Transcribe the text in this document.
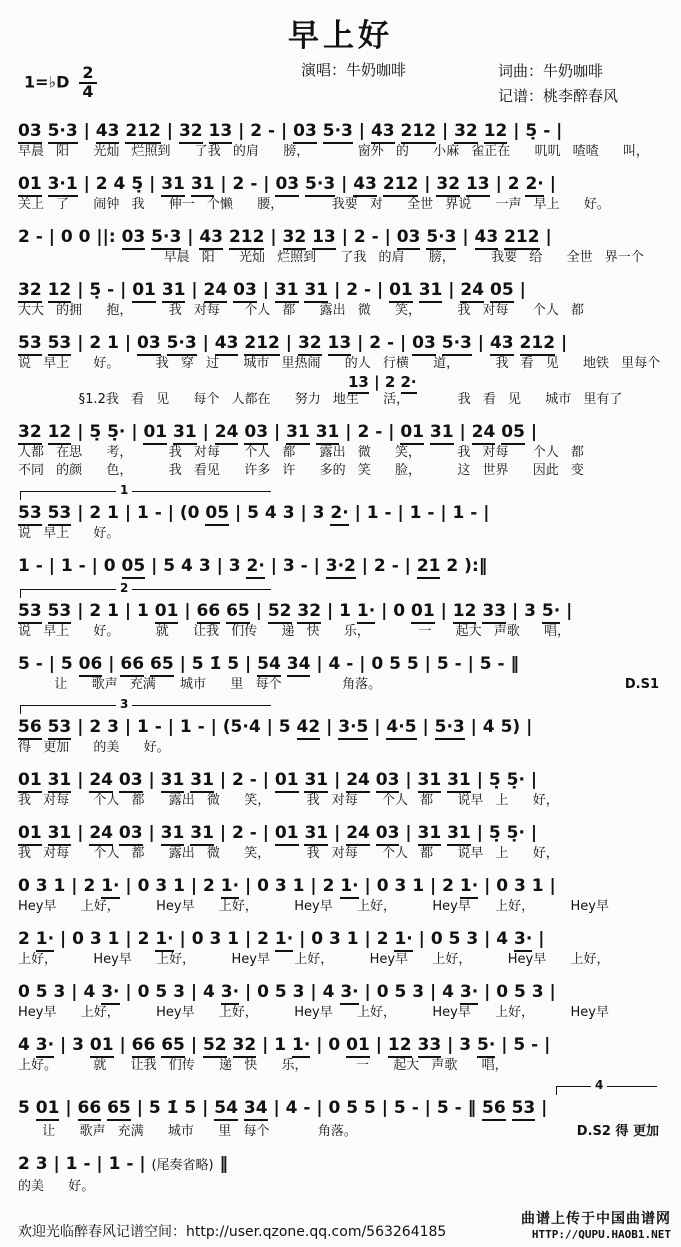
早上好
1=♭D $\frac{2}{4}$	演唱：牛奶咖啡	词曲：牛奶咖啡
记谱：桃李醉春风
03 5·3 | 43 212 | 32 13 | 2 - | 03 5·3 | 43 212 | 32 12 | 5̣ - |
早晨 阳  光灿 烂照到  了我 的肩  膀，    窗外 的  小麻 雀正在  叽叽 喳喳  叫，
01 3·1 | 2 4 5̣ | 31 31 | 2 - | 03 5·3 | 43 212 | 32 13 | 2 2· |
关上 了  闹钟 我  伸一 个懒  腰，    我要 对  全世 界说  一声 早上  好。
2 - | 0 0 ||: 03 5·3 | 43 212 | 32 13 | 2 - | 03 5·3 | 43 212 |
早晨 阳  光灿 烂照到  了我 的肩  膀，   我要 给  全世 界一个
32 12 | 5̣ - | 01 31 | 24 03 | 31 31 | 2 - | 01 31 | 24 05 |
大大 的拥  抱，   我 对每  个人 都  露出 微  笑，   我 对每  个人 都
53 53 | 2 1 | 03 5·3 | 43 212 | 32 13 | 2 - | 03 5·3 | 43 212 |
说 早上  好。   我 穿 过  城市 里热闹  的人 行横  道，   我 看 见  地铁 里每个
13 | 2 2·
§1.2我 看 见  每个 人都在  努力 地生  活，    我 看 见  城市 里有了
32 12 | 5̣ 5̣· | 01 31 | 24 03 | 31 31 | 2 - | 01 31 | 24 05 |
人都 在思  考，   我 对每  个人 都  露出 微  笑，   我 对每  个人 都
不同 的颜  色，   我 看见  许多 许  多的 笑  脸，   这 世界  因此 变
1
53 53 | 2 1 | 1 - | (0 05 | 5 4 3 | 3 2· | 1 - | 1 - | 1 - |
说 早上  好。
1 - | 1 - | 0 05 | 5 4 3 | 3 2· | 3 - | 3·2 | 2 - | 21 2 ):‖
2
53 53 | 2 1 | 1 01 | 66 65 | 52 32 | 1 1· | 0 01 | 12 33 | 3 5· |
说 早上  好。   就  让我 们传  递 快  乐，    一  起大 声歌  唱，
5 - | 5 06 | 66 65 | 5 1̇ 5 | 54 34 | 4 - | 0 5 5 | 5 - | 5 - ‖
让  歌声 充满  城市  里 每个     角落。	D.S1
3
56 53 | 2 3 | 1 - | 1 - | (5·4 | 5 42 | 3·5 | 4·5 | 5·3 | 4 5) |
得 更加  的美  好。
01 31 | 24 03 | 31 31 | 2 - | 01 31 | 24 03 | 31 31 | 5̣ 5̣· |
我 对每  个人 都  露出 微  笑，   我 对每  个人 都  说早 上  好，
01 31 | 24 03 | 31 31 | 2 - | 01 31 | 24 03 | 31 31 | 5̣ 5̣· |
我 对每  个人 都  露出 微  笑，   我 对每  个人 都  说早 上  好，
0 3 1 | 2 1· | 0 3 1 | 2 1· | 0 3 1 | 2 1· | 0 3 1 | 2 1· | 0 3 1 |
Hey早  上好，   Hey早  上好，   Hey早  上好，   Hey早  上好，   Hey早
2 1· | 0 3 1 | 2 1· | 0 3 1 | 2 1· | 0 3 1 | 2 1· | 0 5 3 | 4 3· |
上好，   Hey早  上好，   Hey早  上好，   Hey早  上好，   Hey早  上好，
0 5 3 | 4 3· | 0 5 3 | 4 3· | 0 5 3 | 4 3· | 0 5 3 | 4 3· | 0 5 3 |
Hey早  上好，   Hey早  上好，   Hey早  上好，   Hey早  上好，   Hey早
4 3· | 3 01 | 66 65 | 52 32 | 1 1· | 0 01 | 12 33 | 3 5· | 5 - |
上好。   就  让我 们传  递 快  乐，    一  起大 声歌  唱，
4
5 01 | 66 65 | 5 1̇ 5 | 54 34 | 4 - | 0 5 5 | 5 - | 5 - ‖ 56 53 |
让  歌声 充满  城市  里 每个    角落。	D.S2 得 更加
2 3 | 1 - | 1 - | (尾奏省略) ‖
的美  好。
欢迎光临醉春风记谱空间：http://user.qzone.qq.com/563264185
曲谱上传于中国曲谱网
HTTP://QUPU.HAOB1.NET
